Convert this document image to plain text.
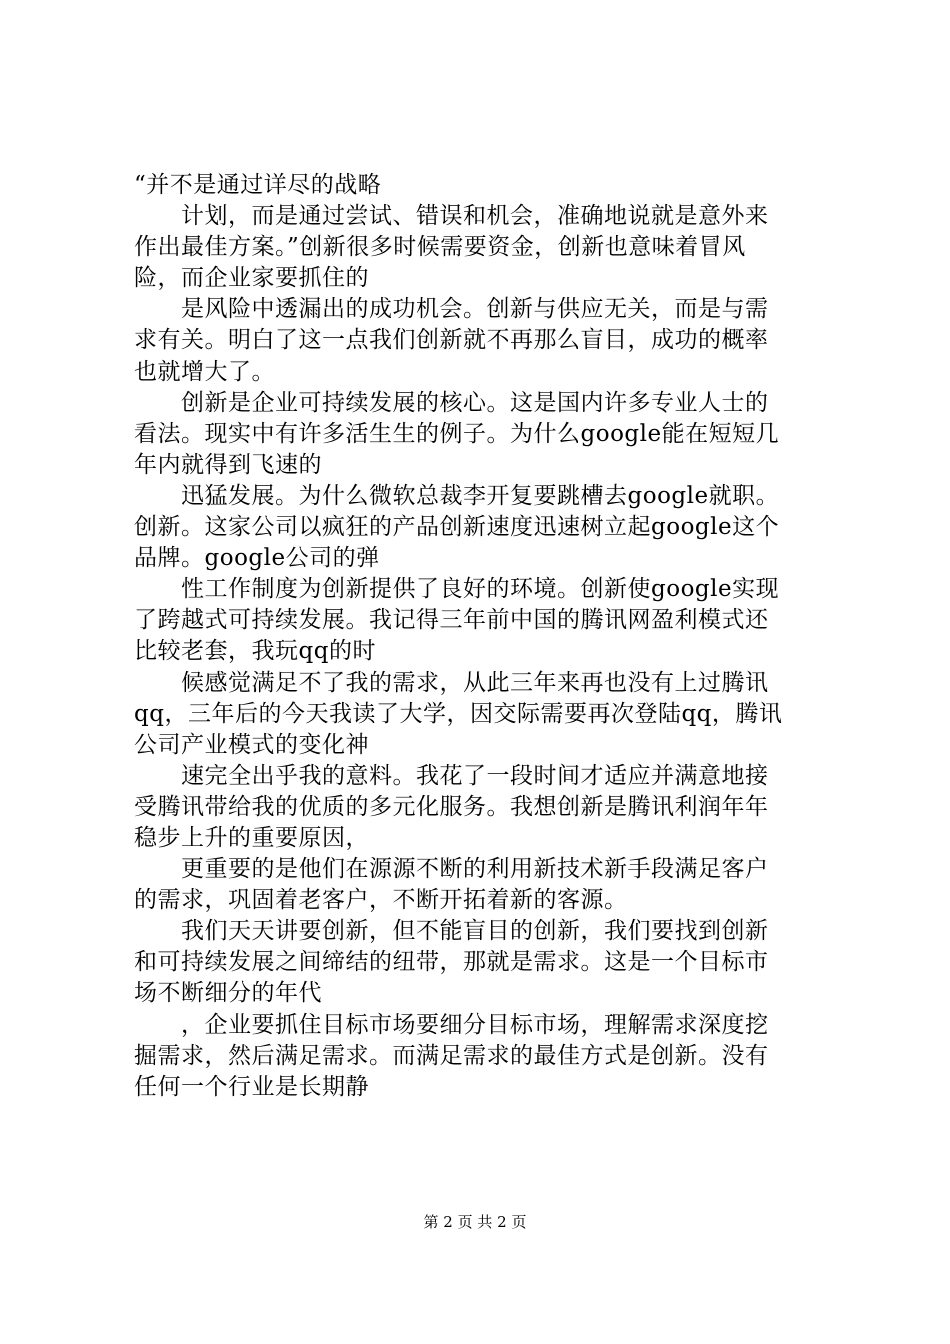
“并不是通过详尽的战略
计划，而是通过尝试、错误和机会，准确地说就是意外来
作出最佳方案。”创新很多时候需要资金，创新也意味着冒风
险，而企业家要抓住的
是风险中透漏出的成功机会。创新与供应无关，而是与需
求有关。明白了这一点我们创新就不再那么盲目，成功的概率
也就增大了。
创新是企业可持续发展的核心。这是国内许多专业人士的
看法。现实中有许多活生生的例子。为什么google能在短短几
年内就得到飞速的
迅猛发展。为什么微软总裁李开复要跳槽去google就职。
创新。这家公司以疯狂的产品创新速度迅速树立起google这个
品牌。google公司的弹
性工作制度为创新提供了良好的环境。创新使google实现
了跨越式可持续发展。我记得三年前中国的腾讯网盈利模式还
比较老套，我玩qq的时
候感觉满足不了我的需求，从此三年来再也没有上过腾讯
qq，三年后的今天我读了大学，因交际需要再次登陆qq，腾讯
公司产业模式的变化神
速完全出乎我的意料。我花了一段时间才适应并满意地接
受腾讯带给我的优质的多元化服务。我想创新是腾讯利润年年
稳步上升的重要原因，
更重要的是他们在源源不断的利用新技术新手段满足客户
的需求，巩固着老客户，不断开拓着新的客源。
我们天天讲要创新，但不能盲目的创新，我们要找到创新
和可持续发展之间缔结的纽带，那就是需求。这是一个目标市
场不断细分的年代
，企业要抓住目标市场要细分目标市场，理解需求深度挖
掘需求，然后满足需求。而满足需求的最佳方式是创新。没有
任何一个行业是长期静
第 2 页 共 2 页
